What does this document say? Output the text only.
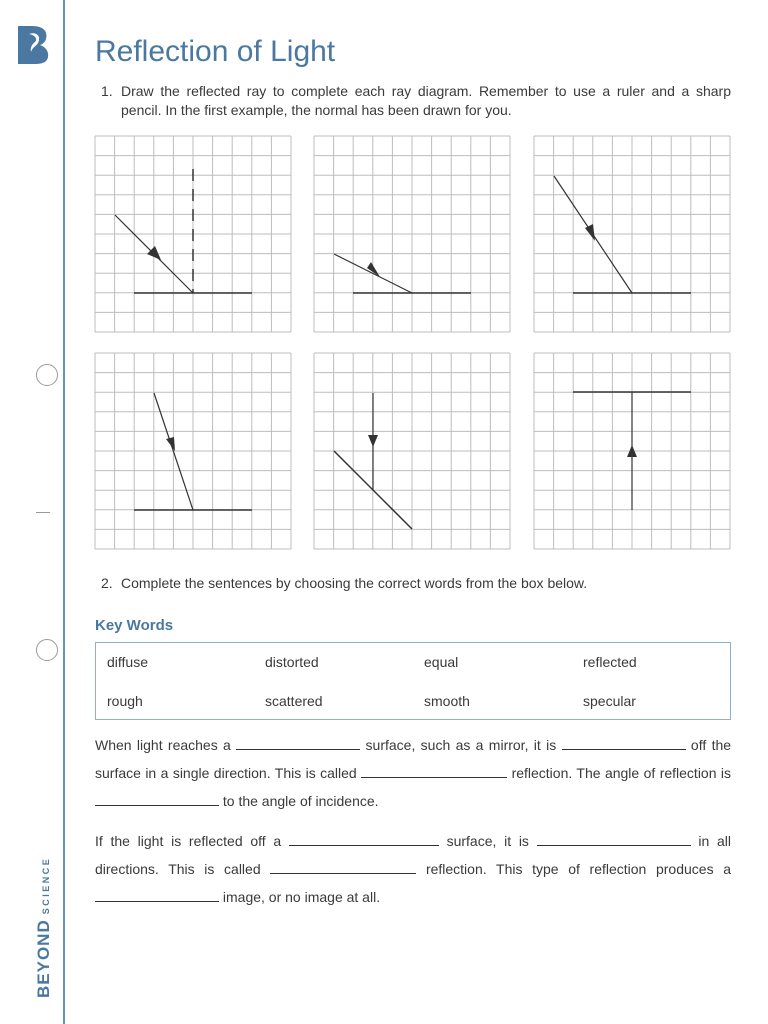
BEYONDSCIENCE
Reflection of Light
1. Draw the reflected ray to complete each ray diagram. Remember to use a ruler and a sharp pencil. In the first example, the normal has been drawn for you.
2. Complete the sentences by choosing the correct words from the box below.
Key Words
diffuse	distorted	equal	reflected
rough	scattered	smooth	specular
When light reaches a	surface, such as a mirror, it is	off the surface in a single direction. This is called	reflection. The angle of reflection is  to the angle of incidence.
If the light is reflected off a	surface, it is	in all directions. This is called	reflection. This type of reflection produces a  image, or no image at all.
